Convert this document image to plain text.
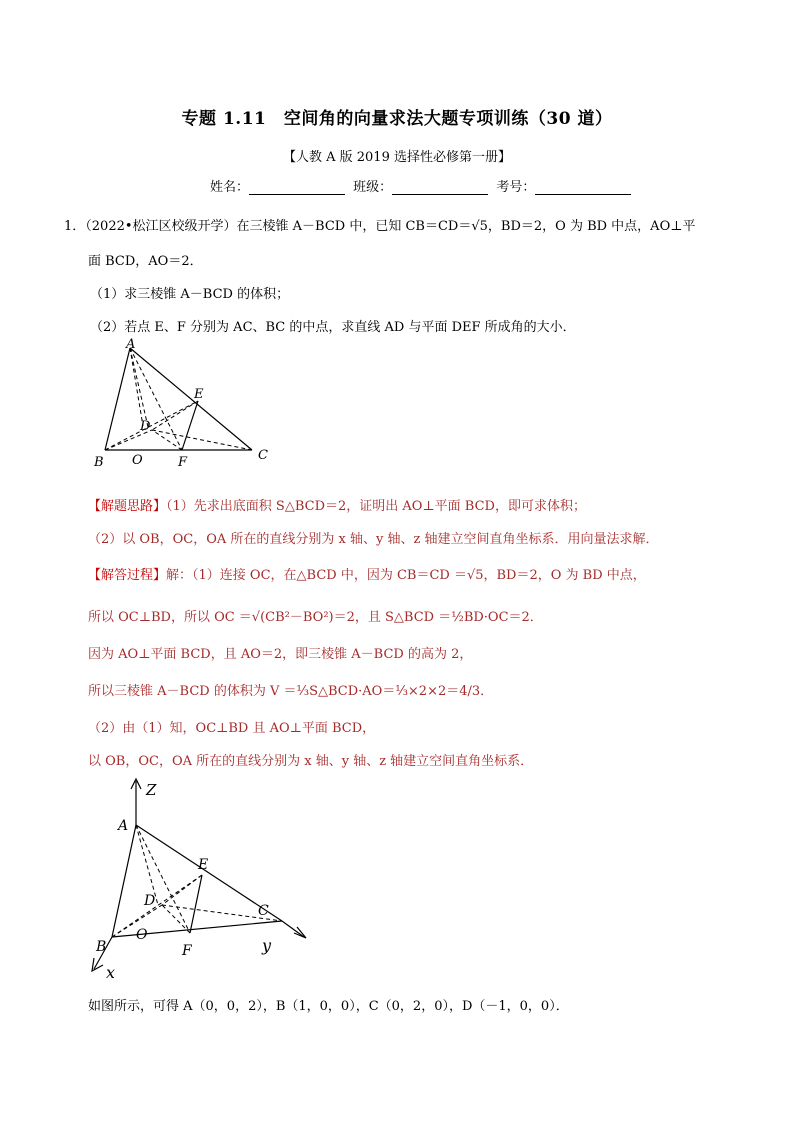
专题 1.11　空间角的向量求法大题专项训练（30 道）
【人教 A 版 2019 选择性必修第一册】
姓名：	班级：	考号：
1．（2022•松江区校级开学）在三棱锥 A－BCD 中，已知 CB＝CD＝√5，BD＝2，O 为 BD 中点，AO⊥平
面 BCD，AO＝2．
（1）求三棱锥 A－BCD 的体积；
（2）若点 E、F 分别为 AC、BC 的中点，求直线 AD 与平面 DEF 所成角的大小．
A
E
D
O	C
B	F
【解题思路】（1）先求出底面积 S△BCD＝2，证明出 AO⊥平面 BCD，即可求体积；
（2）以 OB，OC，OA 所在的直线分别为 x 轴、y 轴、z 轴建立空间直角坐标系．用向量法求解．
【解答过程】解：（1）连接 OC，在△BCD 中，因为 CB＝CD ＝√5，BD＝2，O 为 BD 中点，
所以 OC⊥BD，所以 OC ＝√(CB²－BO²)＝2，且 S△BCD ＝½BD·OC＝2．
因为 AO⊥平面 BCD，且 AO＝2，即三棱锥 A－BCD 的高为 2，
所以三棱锥 A－BCD 的体积为 V ＝⅓S△BCD·AO＝⅓×2×2＝4/3．
（2）由（1）知，OC⊥BD 且 AO⊥平面 BCD，
以 OB，OC，OA 所在的直线分别为 x 轴、y 轴、z 轴建立空间直角坐标系．
Z
A
E
D
O
C
y
B	F
x
如图所示，可得 A（0，0，2），B（1，0，0），C（0，2，0），D（－1，0，0）．
